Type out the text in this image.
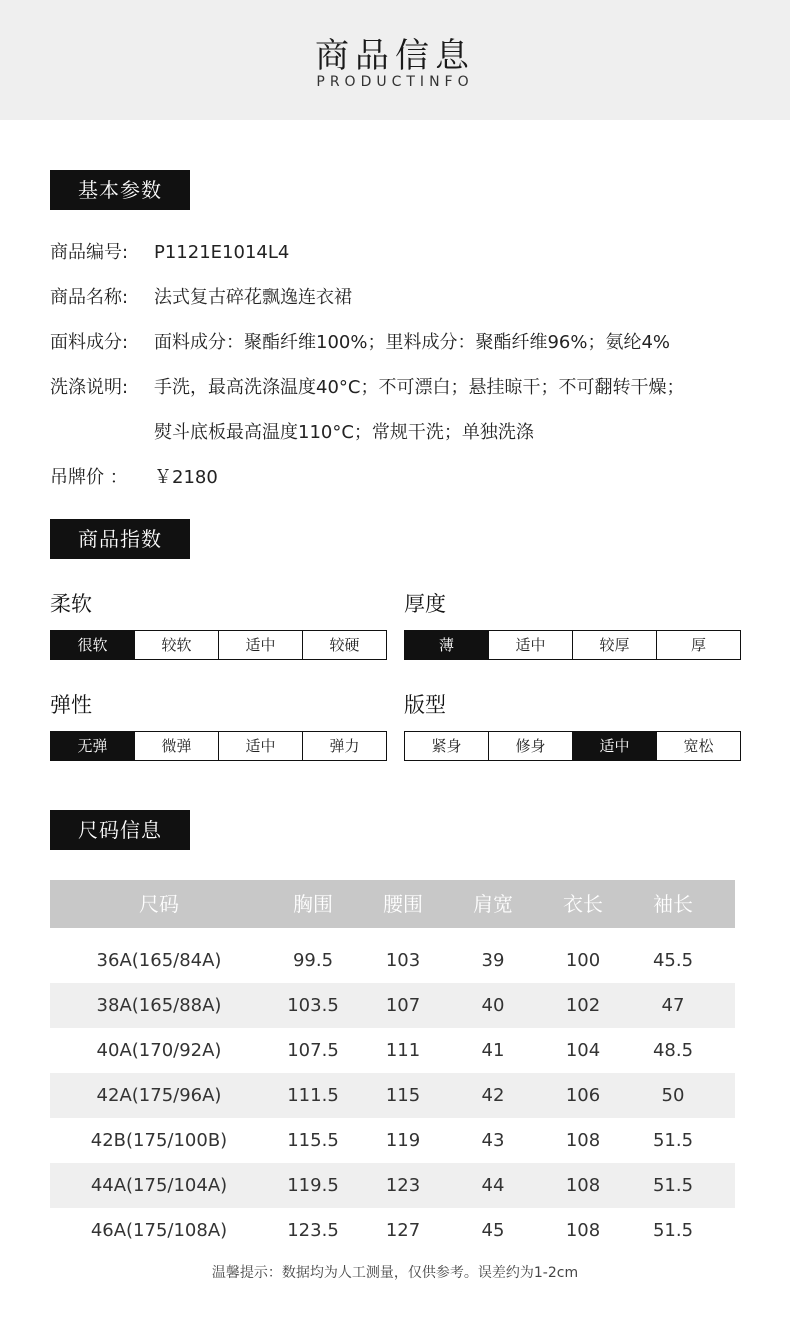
商品信息
PRODUCTINFO
基本参数
商品编号: P1121E1014L4
商品名称: 法式复古碎花飘逸连衣裙
面料成分: 面料成分：聚酯纤维100%；里料成分：聚酯纤维96%；氨纶4%
洗涤说明: 手洗，最高洗涤温度40°C；不可漂白；悬挂晾干；不可翻转干燥；
熨斗底板最高温度110°C；常规干洗；单独洗涤
吊牌价 ： ￥2180
商品指数
柔软
很软	较软	适中	较硬
厚度
薄	适中	较厚	厚
弹性
无弹	微弹	适中	弹力
版型
紧身	修身	适中	宽松
尺码信息
尺码	胸围	腰围	肩宽	衣长	袖长
36A(165/84A)	99.5	103	39	100	45.5
38A(165/88A)	103.5	107	40	102	47
40A(170/92A)	107.5	111	41	104	48.5
42A(175/96A)	111.5	115	42	106	50
42B(175/100B)	115.5	119	43	108	51.5
44A(175/104A)	119.5	123	44	108	51.5
46A(175/108A)	123.5	127	45	108	51.5
温馨提示：数据均为人工测量，仅供参考。误差约为1-2cm
